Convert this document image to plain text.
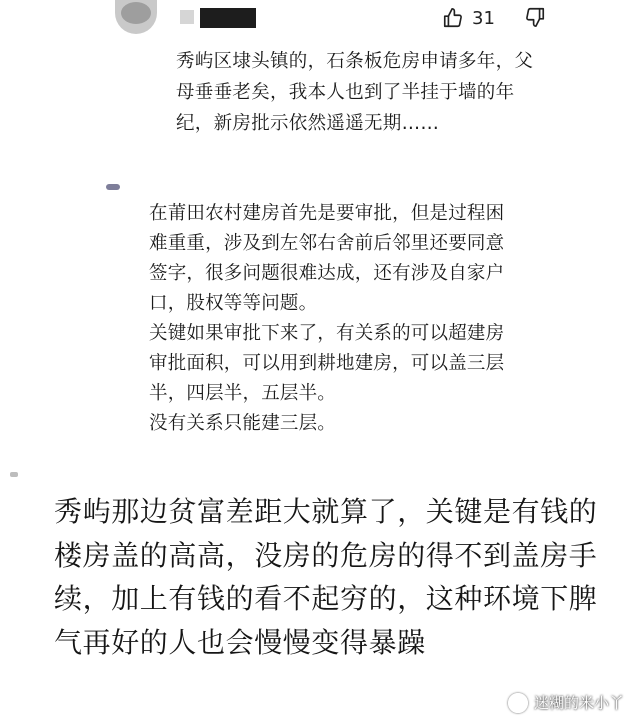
31
秀屿区埭头镇的，石条板危房申请多年，父母垂垂老矣，我本人也到了半挂于墙的年纪，新房批示依然遥遥无期……

在莆田农村建房首先是要审批，但是过程困难重重，涉及到左邻右舍前后邻里还要同意签字，很多问题很难达成，还有涉及自家户口，股权等等问题。

关键如果审批下来了，有关系的可以超建房审批面积，可以用到耕地建房，可以盖三层半，四层半，五层半。

没有关系只能建三层。

秀屿那边贫富差距大就算了，关键是有钱的楼房盖的高高，没房的危房的得不到盖房手续，加上有钱的看不起穷的，这种环境下脾气再好的人也会慢慢变得暴躁
迷糊的米小丫
